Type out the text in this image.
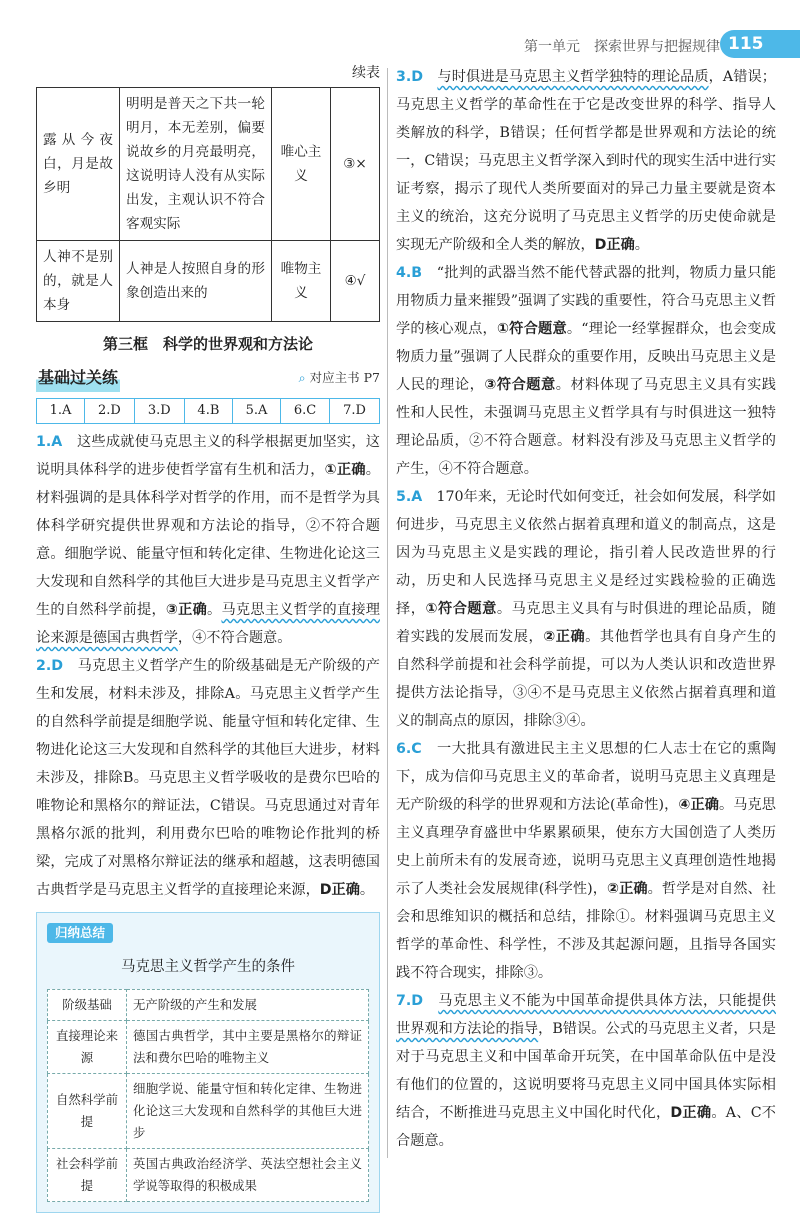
第一单元　 探索世界与把握规律 115
续表
露从今夜白，月是故乡明	明明是普天之下共一轮明月，本无差别，偏要说故乡的月亮最明亮，这说明诗人没有从实际出发，主观认识不符合客观实际	唯心主义	③×
人神不是别的，就是人本身	人神是人按照自身的形象创造出来的	唯物主义	④√
第三框　科学的世界观和方法论
基础过关练	⌕ 对应主书 P7
1.A	2.D	3.D	4.B	5.A	6.C	7.D

1.A　 这些成就使马克思主义的科学根据更加坚实，这说明具体科学的进步使哲学富有生机和活力，①正确。材料强调的是具体科学对哲学的作用，而不是哲学为具体科学研究提供世界观和方法论的指导，②不符合题意。细胞学说、能量守恒和转化定律、生物进化论这三大发现和自然科学的其他巨大进步是马克思主义哲学产生的自然科学前提，③正确。马克思主义哲学的直接理论来源是德国古典哲学，④不符合题意。

2.D　 马克思主义哲学产生的阶级基础是无产阶级的产生和发展，材料未涉及，排除A。马克思主义哲学产生的自然科学前提是细胞学说、能量守恒和转化定律、生物进化论这三大发现和自然科学的其他巨大进步，材料未涉及，排除B。马克思主义哲学吸收的是费尔巴哈的唯物论和黑格尔的辩证法，C错误。马克思通过对青年黑格尔派的批判，利用费尔巴哈的唯物论作批判的桥梁，完成了对黑格尔辩证法的继承和超越，这表明德国古典哲学是马克思主义哲学的直接理论来源，D正确。

归纳总结
马克思主义哲学产生的条件
阶级基础	无产阶级的产生和发展
直接理论来源	德国古典哲学，其中主要是黑格尔的辩证法和费尔巴哈的唯物主义
自然科学前提	细胞学说、能量守恒和转化定律、生物进化论这三大发现和自然科学的其他巨大进步
社会科学前提	英国古典政治经济学、英法空想社会主义学说等取得的积极成果

3.D　 与时俱进是马克思主义哲学独特的理论品质，A错误；马克思主义哲学的革命性在于它是改变世界的科学、指导人类解放的科学，B错误；任何哲学都是世界观和方法论的统一，C错误；马克思主义哲学深入到时代的现实生活中进行实证考察，揭示了现代人类所要面对的异己力量主要就是资本主义的统治，这充分说明了马克思主义哲学的历史使命就是实现无产阶级和全人类的解放，D正确。

4.B　 “批判的武器当然不能代替武器的批判，物质力量只能用物质力量来摧毁”强调了实践的重要性，符合马克思主义哲学的核心观点，①符合题意。“理论一经掌握群众，也会变成物质力量”强调了人民群众的重要作用，反映出马克思主义是人民的理论，③符合题意。材料体现了马克思主义具有实践性和人民性，未强调马克思主义哲学具有与时俱进这一独特理论品质，②不符合题意。材料没有涉及马克思主义哲学的产生，④不符合题意。

5.A　 170年来，无论时代如何变迁，社会如何发展，科学如何进步，马克思主义依然占据着真理和道义的制高点，这是因为马克思主义是实践的理论，指引着人民改造世界的行动，历史和人民选择马克思主义是经过实践检验的正确选择，①符合题意。马克思主义具有与时俱进的理论品质，随着实践的发展而发展，②正确。其他哲学也具有自身产生的自然科学前提和社会科学前提，可以为人类认识和改造世界提供方法论指导，③④不是马克思主义依然占据着真理和道义的制高点的原因，排除③④。

6.C　 一大批具有激进民主主义思想的仁人志士在它的熏陶下，成为信仰马克思主义的革命者，说明马克思主义真理是无产阶级的科学的世界观和方法论(革命性)，④正确。马克思主义真理孕育盛世中华累累硕果，使东方大国创造了人类历史上前所未有的发展奇迹，说明马克思主义真理创造性地揭示了人类社会发展规律(科学性)，②正确。哲学是对自然、社会和思维知识的概括和总结，排除①。材料强调马克思主义哲学的革命性、科学性，不涉及其起源问题，且指导各国实践不符合现实，排除③。

7.D　 马克思主义不能为中国革命提供具体方法，只能提供世界观和方法论的指导，B错误。公式的马克思主义者，只是对于马克思主义和中国革命开玩笑，在中国革命队伍中是没有他们的位置的，这说明要将马克思主义同中国具体实际相结合，不断推进马克思主义中国化时代化，D正确。A、C不合题意。
